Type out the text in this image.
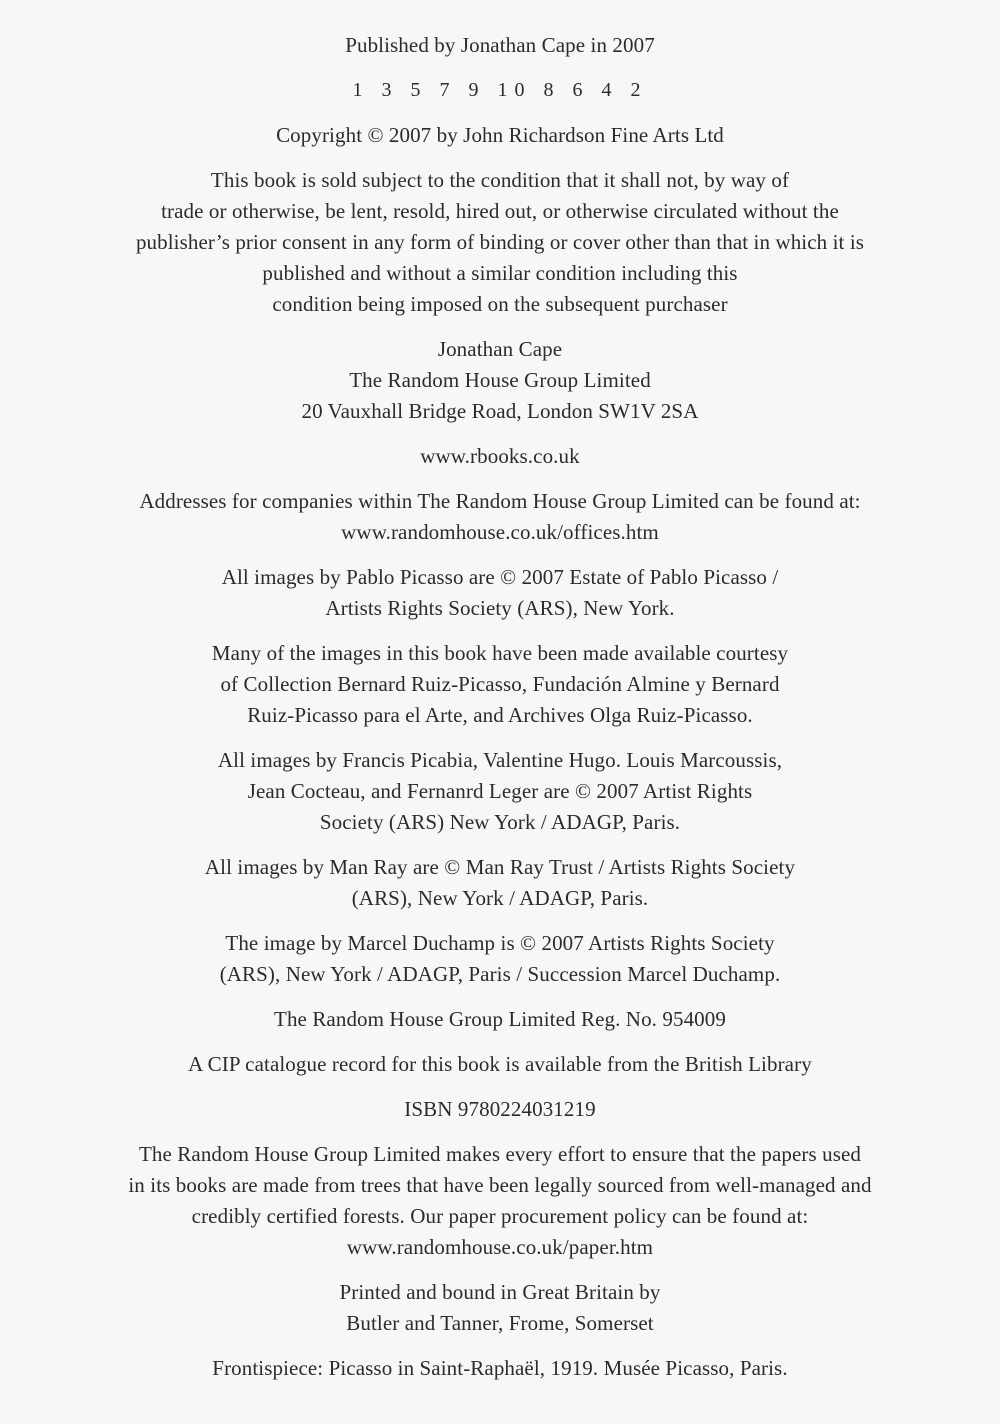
Published by Jonathan Cape in 2007
1 3 5 7 9 10 8 6 4 2
Copyright © 2007 by John Richardson Fine Arts Ltd
This book is sold subject to the condition that it shall not, by way of
trade or otherwise, be lent, resold, hired out, or otherwise circulated without the
publisher’s prior consent in any form of binding or cover other than that in which it is
published and without a similar condition including this
condition being imposed on the subsequent purchaser
Jonathan Cape
The Random House Group Limited
20 Vauxhall Bridge Road, London SW1V 2SA
www.rbooks.co.uk
Addresses for companies within The Random House Group Limited can be found at:
www.randomhouse.co.uk/offices.htm
All images by Pablo Picasso are © 2007 Estate of Pablo Picasso /
Artists Rights Society (ARS), New York.
Many of the images in this book have been made available courtesy
of Collection Bernard Ruiz-Picasso, Fundación Almine y Bernard
Ruiz-Picasso para el Arte, and Archives Olga Ruiz-Picasso.
All images by Francis Picabia, Valentine Hugo. Louis Marcoussis,
Jean Cocteau, and Fernanrd Leger are © 2007 Artist Rights
Society (ARS) New York / ADAGP, Paris.
All images by Man Ray are © Man Ray Trust / Artists Rights Society
(ARS), New York / ADAGP, Paris.
The image by Marcel Duchamp is © 2007 Artists Rights Society
(ARS), New York / ADAGP, Paris / Succession Marcel Duchamp.
The Random House Group Limited Reg. No. 954009
A CIP catalogue record for this book is available from the British Library
ISBN 9780224031219
The Random House Group Limited makes every effort to ensure that the papers used
in its books are made from trees that have been legally sourced from well-managed and
credibly certified forests. Our paper procurement policy can be found at:
www.randomhouse.co.uk/paper.htm
Printed and bound in Great Britain by
Butler and Tanner, Frome, Somerset
Frontispiece: Picasso in Saint-Raphaël, 1919. Musée Picasso, Paris.
